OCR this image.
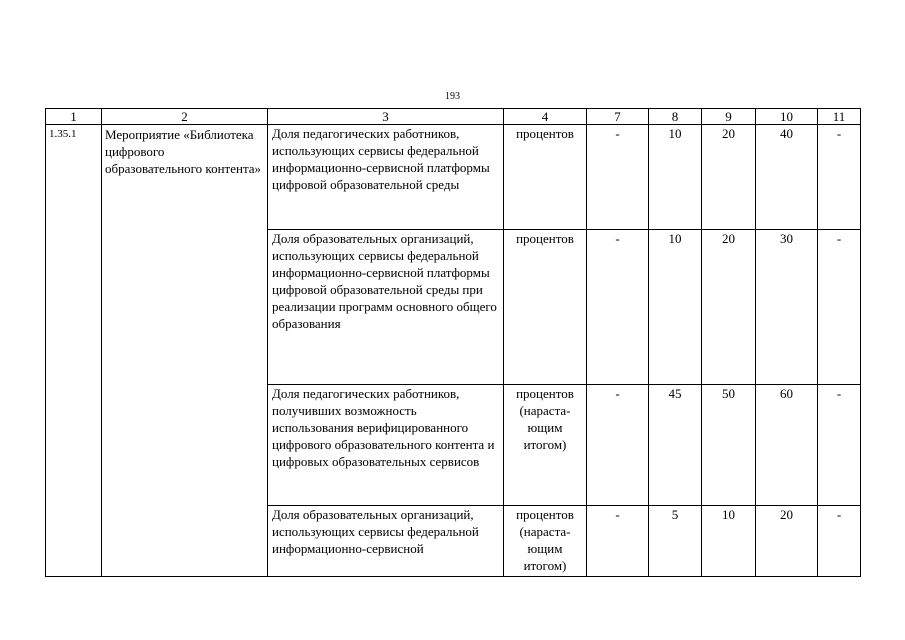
193
1	2	3	4	7	8	9	10	11
1.35.1	Мероприятие «Библиотека цифрового образовательного контента»	Доля педагогических работников, использующих сервисы федеральной информационно-сервисной платформы цифровой образовательной среды	процентов	-	10	20	40	-
		Доля образовательных организаций, использующих сервисы федеральной информационно-сервисной платформы цифровой образовательной среды при реализации программ основного общего образования	процентов	-	10	20	30	-
		Доля педагогических работников, получивших возможность использования верифицированного цифрового образовательного контента и цифровых образовательных сервисов	процентов (нараста-ющим итогом)	-	45	50	60	-
		Доля образовательных организаций, использующих сервисы федеральной информационно-сервисной	процентов (нараста-ющим итогом)	-	5	10	20	-
